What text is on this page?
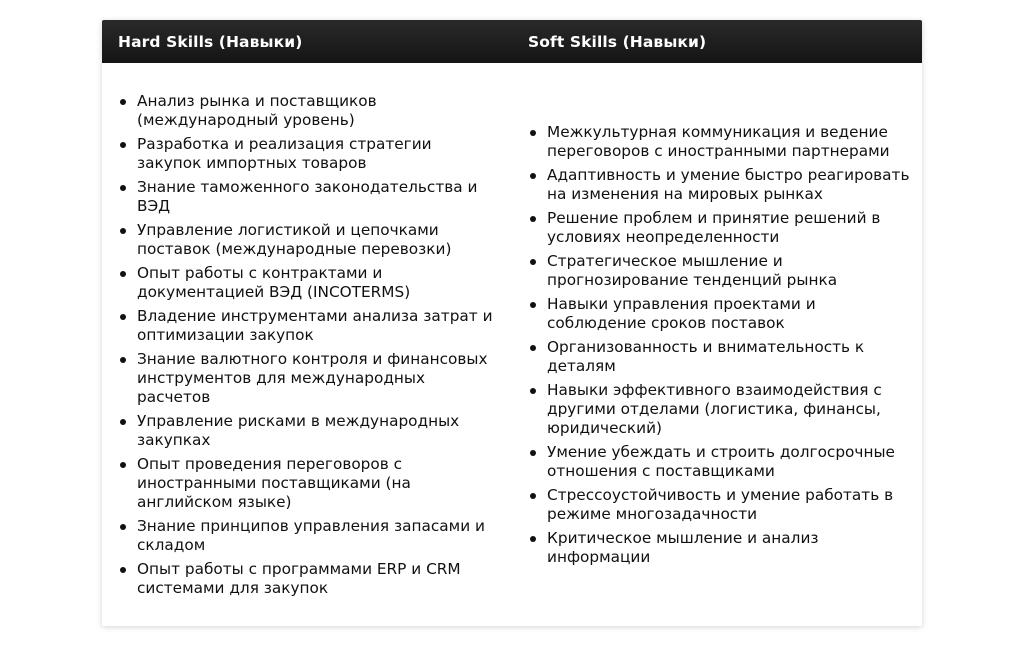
Hard Skills (Навыки)	Soft Skills (Навыки)
Анализ рынка и поставщиков (международный уровень)
Разработка и реализация стратегии закупок импортных товаров
Знание таможенного законодательства и ВЭД
Управление логистикой и цепочками поставок (международные перевозки)
Опыт работы с контрактами и документацией ВЭД (INCOTERMS)
Владение инструментами анализа затрат и оптимизации закупок
Знание валютного контроля и финансовых инструментов для международных расчетов
Управление рисками в международных закупках
Опыт проведения переговоров с иностранными поставщиками (на английском языке)
Знание принципов управления запасами и складом
Опыт работы с программами ERP и CRM системами для закупок
Межкультурная коммуникация и ведение переговоров с иностранными партнерами
Адаптивность и умение быстро реагировать на изменения на мировых рынках
Решение проблем и принятие решений в условиях неопределенности
Стратегическое мышление и прогнозирование тенденций рынка
Навыки управления проектами и соблюдение сроков поставок
Организованность и внимательность к деталям
Навыки эффективного взаимодействия с другими отделами (логистика, финансы, юридический)
Умение убеждать и строить долгосрочные отношения с поставщиками
Стрессоустойчивость и умение работать в режиме многозадачности
Критическое мышление и анализ информации
